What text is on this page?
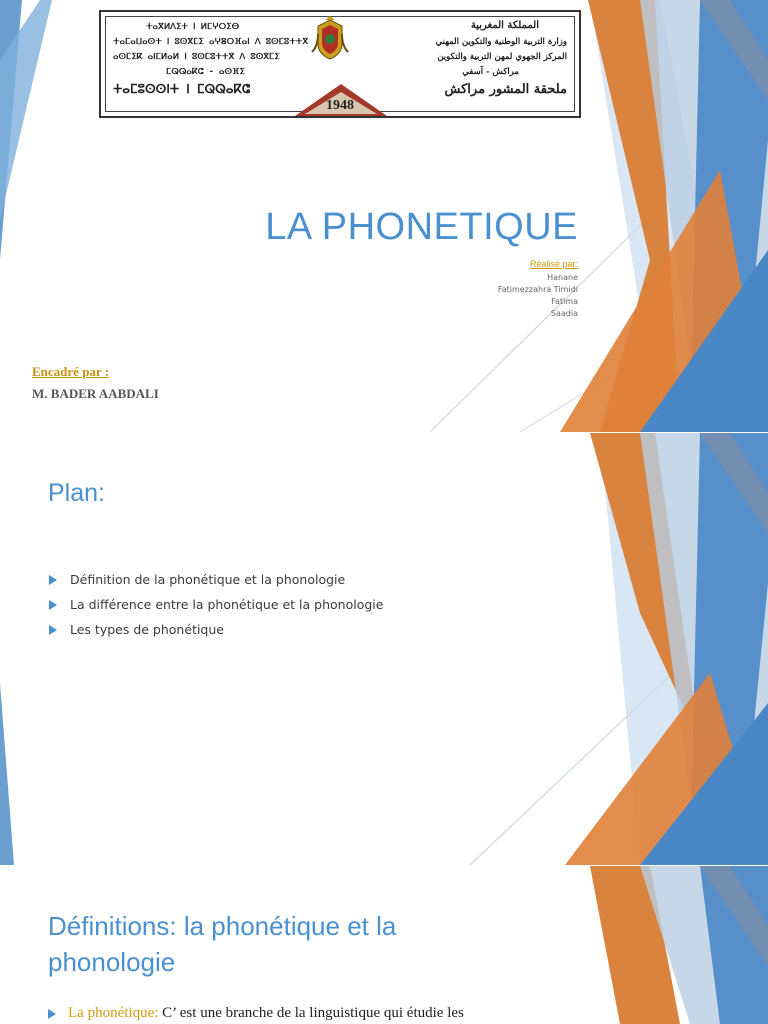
ⵜⴰⴳⵍⴷⵉⵜ ⵏ ⵍⵎⵖⵔⵉⴱ
ⵜⴰⵎⴰⵡⴰⵙⵜ ⵏ ⵓⵙⴳⵎⵉ ⴰⵖⴻⵔⴼⴰⵏ ⴷ ⵓⵙⵎⵓⵜⵜⴳ
ⴰⵙⵎⵉⴽ ⴰⵏⵎⵍⴰⵍ ⵏ ⵓⵙⵎⵓⵜⵜⴳ ⴷ ⵓⵙⴳⵎⵉ
ⵎⵕⵕⴰⴽⵛ - ⴰⵙⴼⵉ
ⵜⴰⵎⵓⵙⵙⵏⵜ ⵏ ⵎⵕⵕⴰⴽⵛ
1948
المملكة المغربية
وزارة التربية الوطنية والتكوين المهني
المركز الجهوي لمهن التربية والتكوين
مراكش - آسفي
ملحقة المشور مراكش
LA PHONETIQUE
Réalisé par:
Hanane
Fatimezzahra Timidi
Fatima
Saadia
Encadré par :
M. BADER AABDALI
Plan:
Définition de la phonétique et la phonologie
La différence entre la phonétique et la phonologie
Les types de phonétique
Définitions: la phonétique et la phonologie
La phonétique: C’ est une branche de la linguistique qui étudie les
